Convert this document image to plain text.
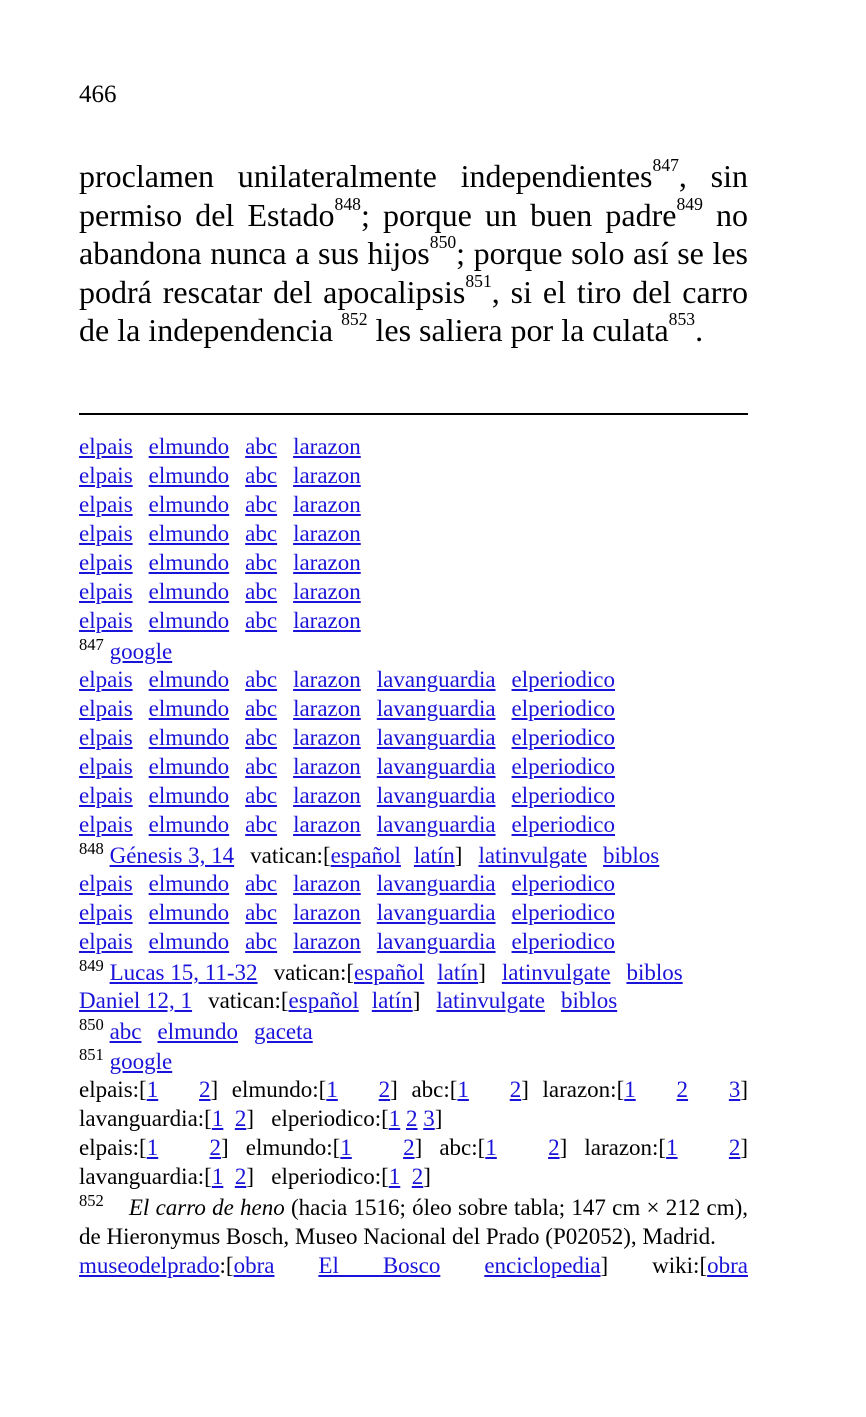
466
proclamen unilateralmente independientes$^{847}$, sin permiso del Estado$^{848}$; porque un buen padre$^{849}$ no abandona nunca a sus hijos$^{850}$; porque solo así se les podrá rescatar del apocalipsis$^{851}$, si el tiro del carro de la independencia $^{852}$ les saliera por la culata$^{853}$.
elpais elmundo abc larazon
elpais elmundo abc larazon
elpais elmundo abc larazon
elpais elmundo abc larazon
elpais elmundo abc larazon
elpais elmundo abc larazon
elpais elmundo abc larazon
$^{847}$ google
elpais elmundo abc larazon lavanguardia elperiodico
elpais elmundo abc larazon lavanguardia elperiodico
elpais elmundo abc larazon lavanguardia elperiodico
elpais elmundo abc larazon lavanguardia elperiodico
elpais elmundo abc larazon lavanguardia elperiodico
elpais elmundo abc larazon lavanguardia elperiodico
$^{848}$ Génesis 3, 14 vatican:[español latín] latinvulgate biblos
elpais elmundo abc larazon lavanguardia elperiodico
elpais elmundo abc larazon lavanguardia elperiodico
elpais elmundo abc larazon lavanguardia elperiodico
$^{849}$ Lucas 15, 11-32 vatican:[español latín] latinvulgate biblos
Daniel 12, 1 vatican:[español latín] latinvulgate biblos
$^{850}$ abc elmundo gaceta
$^{851}$ google
elpais:[1 2] elmundo:[1 2] abc:[1 2] larazon:[1 2 3]
lavanguardia:[1 2] elperiodico:[1 2 3]
elpais:[1 2] elmundo:[1 2] abc:[1 2] larazon:[1 2]
lavanguardia:[1 2] elperiodico:[1 2]
$^{852}$ El carro de heno (hacia 1516; óleo sobre tabla; 147 cm × 212 cm), de Hieronymus Bosch, Museo Nacional del Prado (P02052), Madrid.
museodelprado:[obra El Bosco enciclopedia] wiki:[obra
